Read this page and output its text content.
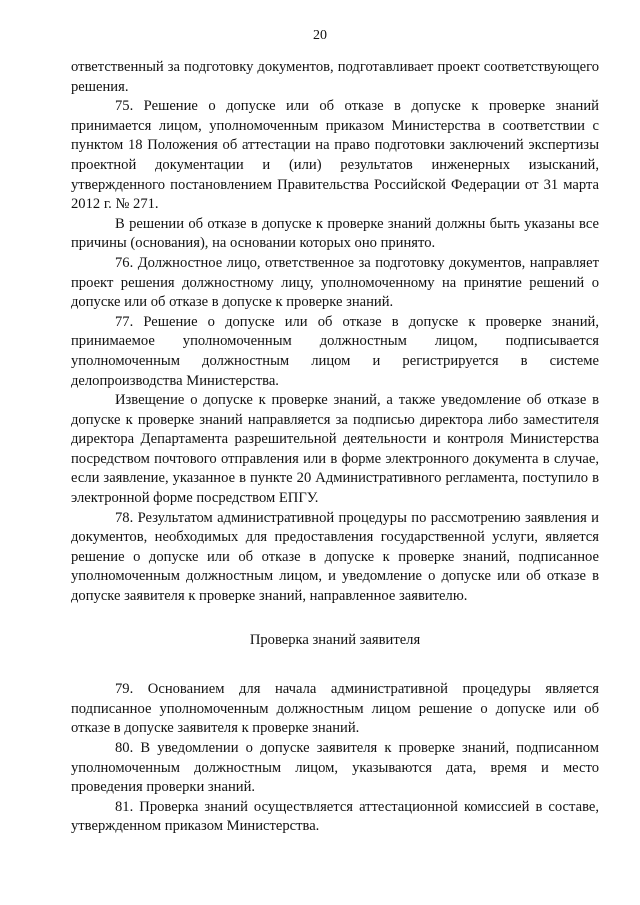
20

ответственный за подготовку документов, подготавливает проект соответствующего решения.

75. Решение о допуске или об отказе в допуске к проверке знаний принимается лицом, уполномоченным приказом Министерства в соответствии с пунктом 18 Положения об аттестации на право подготовки заключений экспертизы проектной документации и (или) результатов инженерных изысканий, утвержденного постановлением Правительства Российской Федерации от 31 марта 2012 г. № 271.

В решении об отказе в допуске к проверке знаний должны быть указаны все причины (основания), на основании которых оно принято.

76. Должностное лицо, ответственное за подготовку документов, направляет проект решения должностному лицу, уполномоченному на принятие решений о допуске или об отказе в допуске к проверке знаний.

77. Решение о допуске или об отказе в допуске к проверке знаний, принимаемое уполномоченным должностным лицом, подписывается уполномоченным должностным лицом и регистрируется в системе делопроизводства Министерства.

Извещение о допуске к проверке знаний, а также уведомление об отказе в допуске к проверке знаний направляется за подписью директора либо заместителя директора Департамента разрешительной деятельности и контроля Министерства посредством почтового отправления или в форме электронного документа в случае, если заявление, указанное в пункте 20 Административного регламента, поступило в электронной форме посредством ЕПГУ.

78. Результатом административной процедуры по рассмотрению заявления и документов, необходимых для предоставления государственной услуги, является решение о допуске или об отказе в допуске к проверке знаний, подписанное уполномоченным должностным лицом, и уведомление о допуске или об отказе в допуске заявителя к проверке знаний, направленное заявителю.

Проверка знаний заявителя

79. Основанием для начала административной процедуры является подписанное уполномоченным должностным лицом решение о допуске или об отказе в допуске заявителя к проверке знаний.

80. В уведомлении о допуске заявителя к проверке знаний, подписанном уполномоченным должностным лицом, указываются дата, время и место проведения проверки знаний.

81. Проверка знаний осуществляется аттестационной комиссией в составе, утвержденном приказом Министерства.
